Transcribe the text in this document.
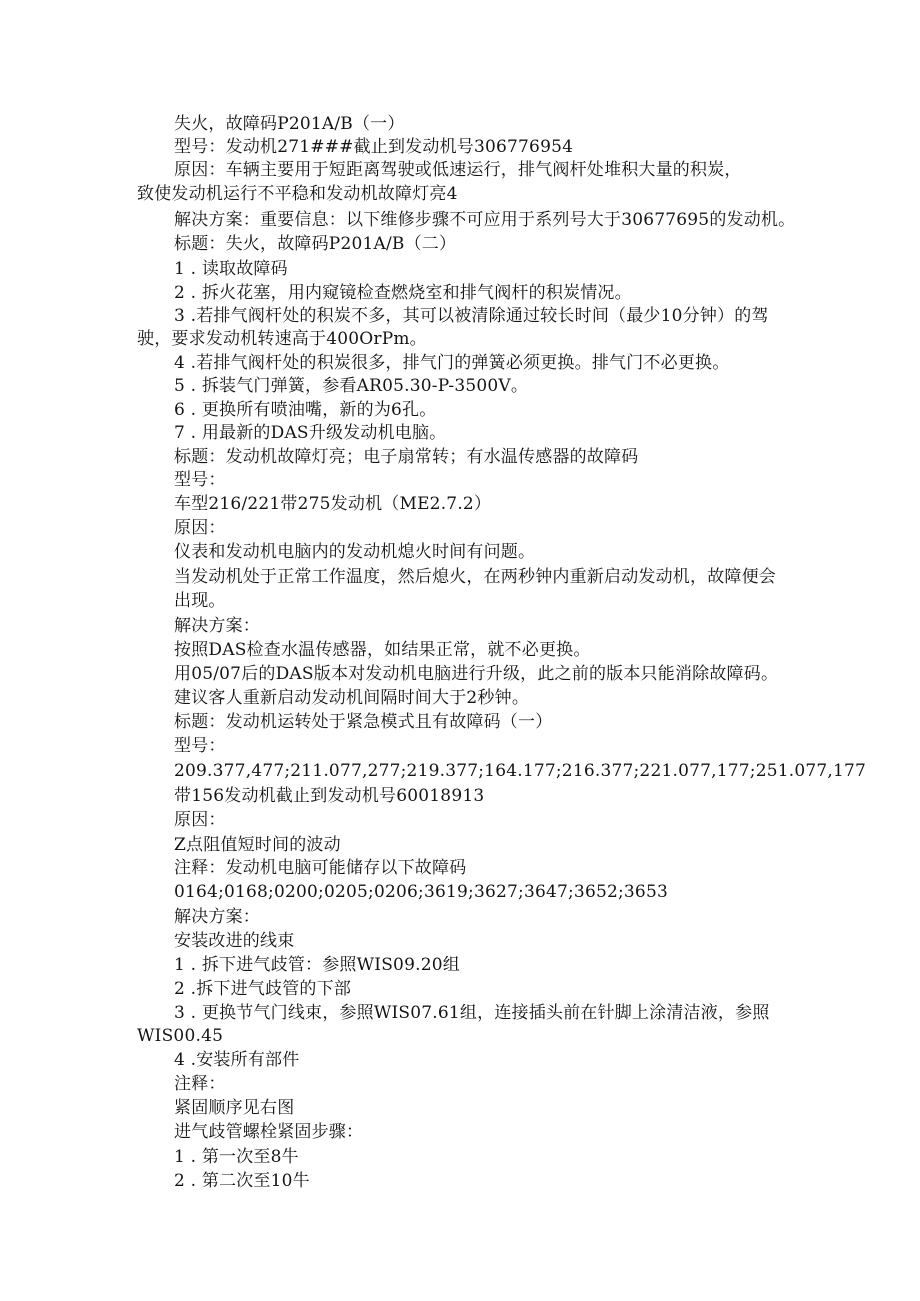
失火，故障码P201A/B（一）
型号：发动机271###截止到发动机号306776954
原因：车辆主要用于短距离驾驶或低速运行，排气阀杆处堆积大量的积炭，
致使发动机运行不平稳和发动机故障灯亮4
解决方案：重要信息：以下维修步骤不可应用于系列号大于30677695的发动机。
标题：失火，故障码P201A/B（二）
1 . 读取故障码
2 . 拆火花塞，用内窥镜检查燃烧室和排气阀杆的积炭情况。
3 .若排气阀杆处的积炭不多，其可以被清除通过较长时间（最少10分钟）的驾
驶，要求发动机转速高于400OrPm。
4 .若排气阀杆处的积炭很多，排气门的弹簧必须更换。排气门不必更换。
5 . 拆装气门弹簧，参看AR05.30-P-3500V。
6 . 更换所有喷油嘴，新的为6孔。
7 . 用最新的DAS升级发动机电脑。
标题：发动机故障灯亮；电子扇常转；有水温传感器的故障码
型号：
车型216/221带275发动机（ME2.7.2）
原因：
仪表和发动机电脑内的发动机熄火时间有问题。
当发动机处于正常工作温度，然后熄火，在两秒钟内重新启动发动机，故障便会
出现。
解决方案：
按照DAS检查水温传感器，如结果正常，就不必更换。
用05/07后的DAS版本对发动机电脑进行升级，此之前的版本只能消除故障码。
建议客人重新启动发动机间隔时间大于2秒钟。
标题：发动机运转处于紧急模式且有故障码（一）
型号：
209.377,477;211.077,277;219.377;164.177;216.377;221.077,177;251.077,177
带156发动机截止到发动机号60018913
原因：
Z点阻值短时间的波动
注释：发动机电脑可能储存以下故障码
0164;0168;0200;0205;0206;3619;3627;3647;3652;3653
解决方案：
安装改进的线束
1 . 拆下进气歧管：参照WIS09.20组
2 .拆下进气歧管的下部
3 . 更换节气门线束，参照WIS07.61组，连接插头前在针脚上涂清洁液，参照
WIS00.45
4 .安装所有部件
注释：
紧固顺序见右图
进气歧管螺栓紧固步骤：
1 . 第一次至8牛
2 . 第二次至10牛
